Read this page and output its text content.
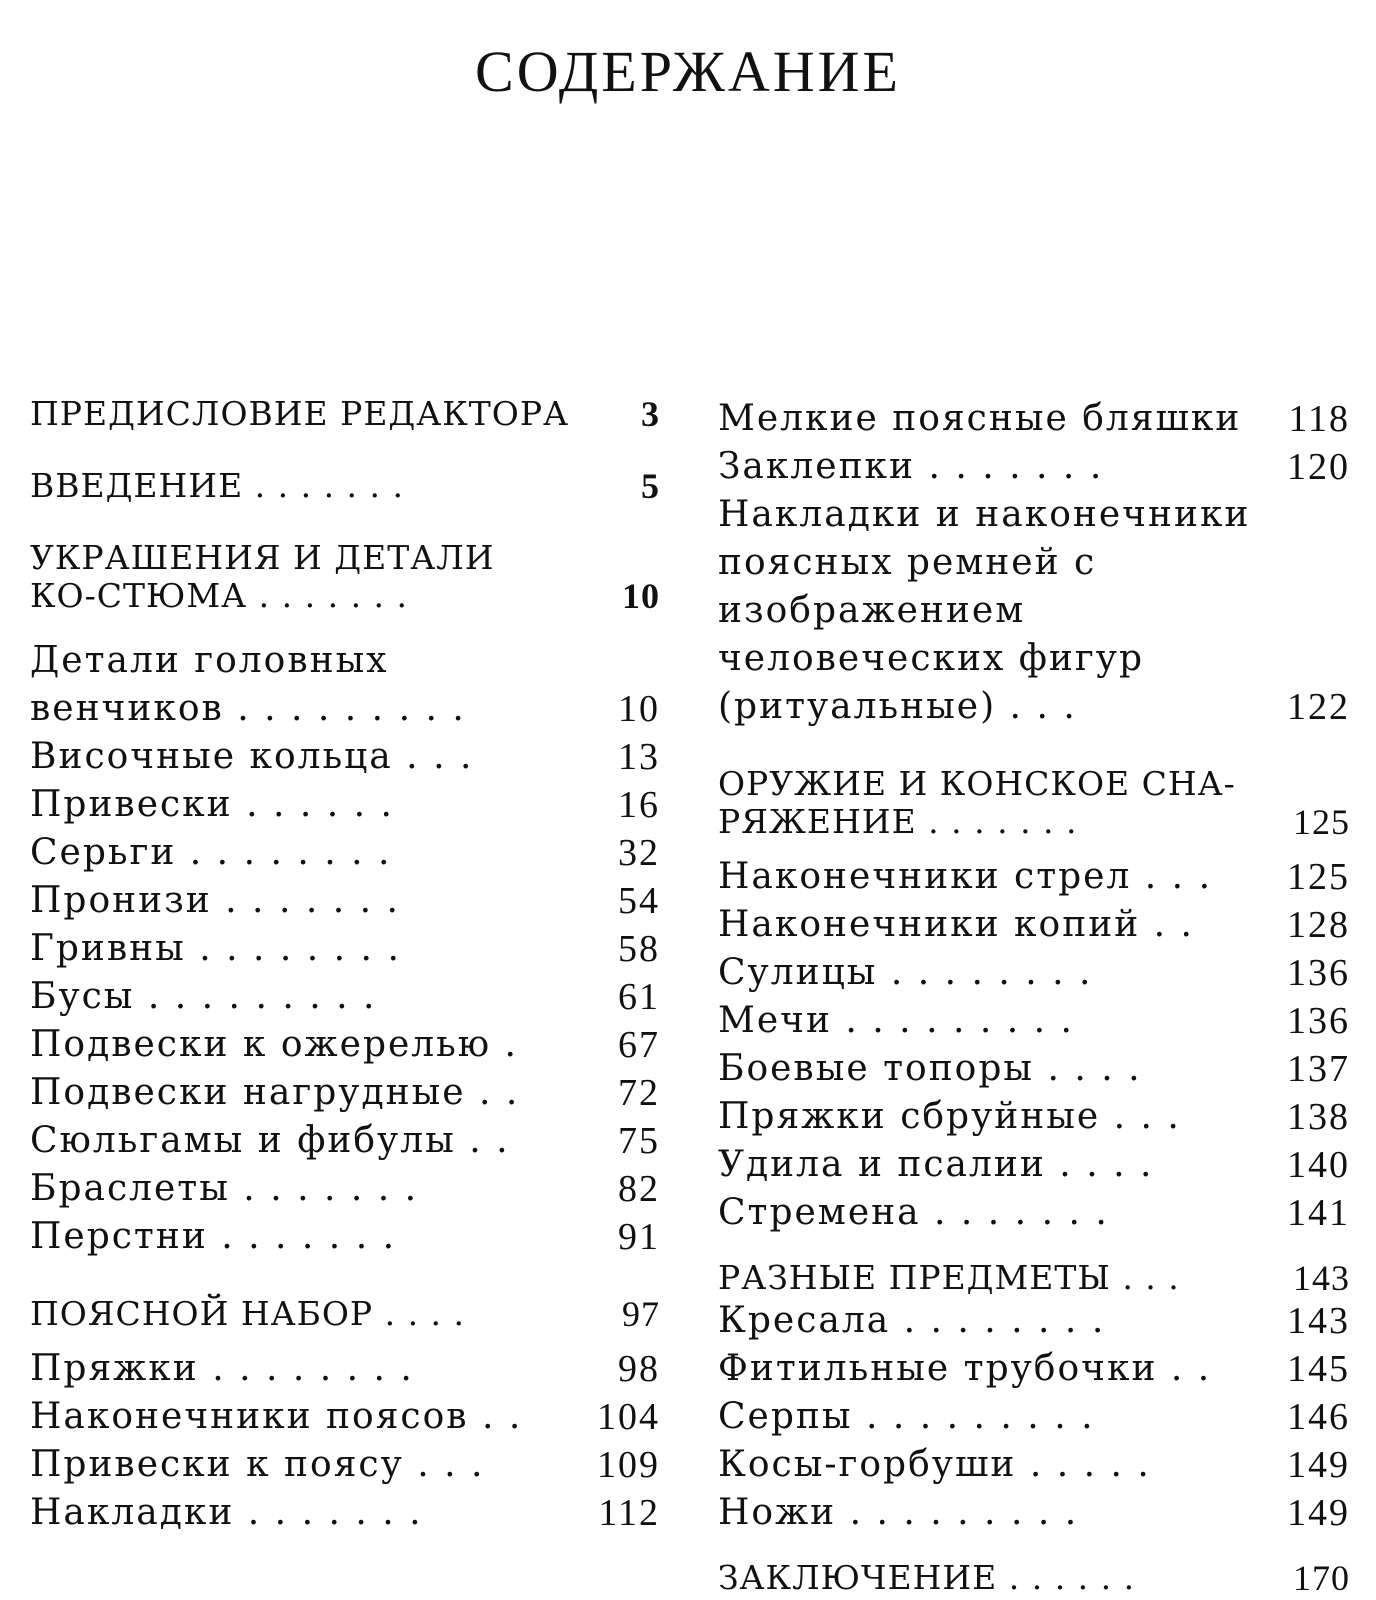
СОДЕРЖАНИЕ
ПРЕДИСЛОВИЕ РЕДАКТОРА	3
ВВЕДЕНИЕ . . . . . . .	5
УКРАШЕНИЯ И ДЕТАЛИ КО-СТЮМА . . . . . . .	10
Детали головных венчиков . . . . . . . . .	10
Височные кольца . . .	13
Привески . . . . . .	16
Серьги . . . . . . . .	32
Пронизи . . . . . . .	54
Гривны . . . . . . . .	58
Бусы . . . . . . . . .	61
Подвески к ожерелью .	67
Подвески нагрудные . .	72
Сюльгамы и фибулы . .	75
Браслеты . . . . . . .	82
Перстни . . . . . . .	91
ПОЯСНОЙ НАБОР . . . .	97
Пряжки . . . . . . . .	98
Наконечники поясов . .	104
Привески к поясу . . .	109
Накладки . . . . . . .	112
Мелкие поясные бляшки	118
Заклепки . . . . . . .	120
Накладки и наконечники поясных ремней с изображением человеческих фигур (ритуальные) . . .	122
ОРУЖИЕ И КОНСКОЕ СНА-РЯЖЕНИЕ . . . . . . .	125
Наконечники стрел . . .	125
Наконечники копий . .	128
Сулицы . . . . . . . .	136
Мечи . . . . . . . . .	136
Боевые топоры . . . .	137
Пряжки сбруйные . . .	138
Удила и псалии . . . .	140
Стремена . . . . . . .	141
РАЗНЫЕ ПРЕДМЕТЫ . . .	143
Кресала . . . . . . . .	143
Фитильные трубочки . .	145
Серпы . . . . . . . . .	146
Косы-горбуши . . . . .	149
Ножи . . . . . . . . .	149
ЗАКЛЮЧЕНИЕ . . . . . .	170
